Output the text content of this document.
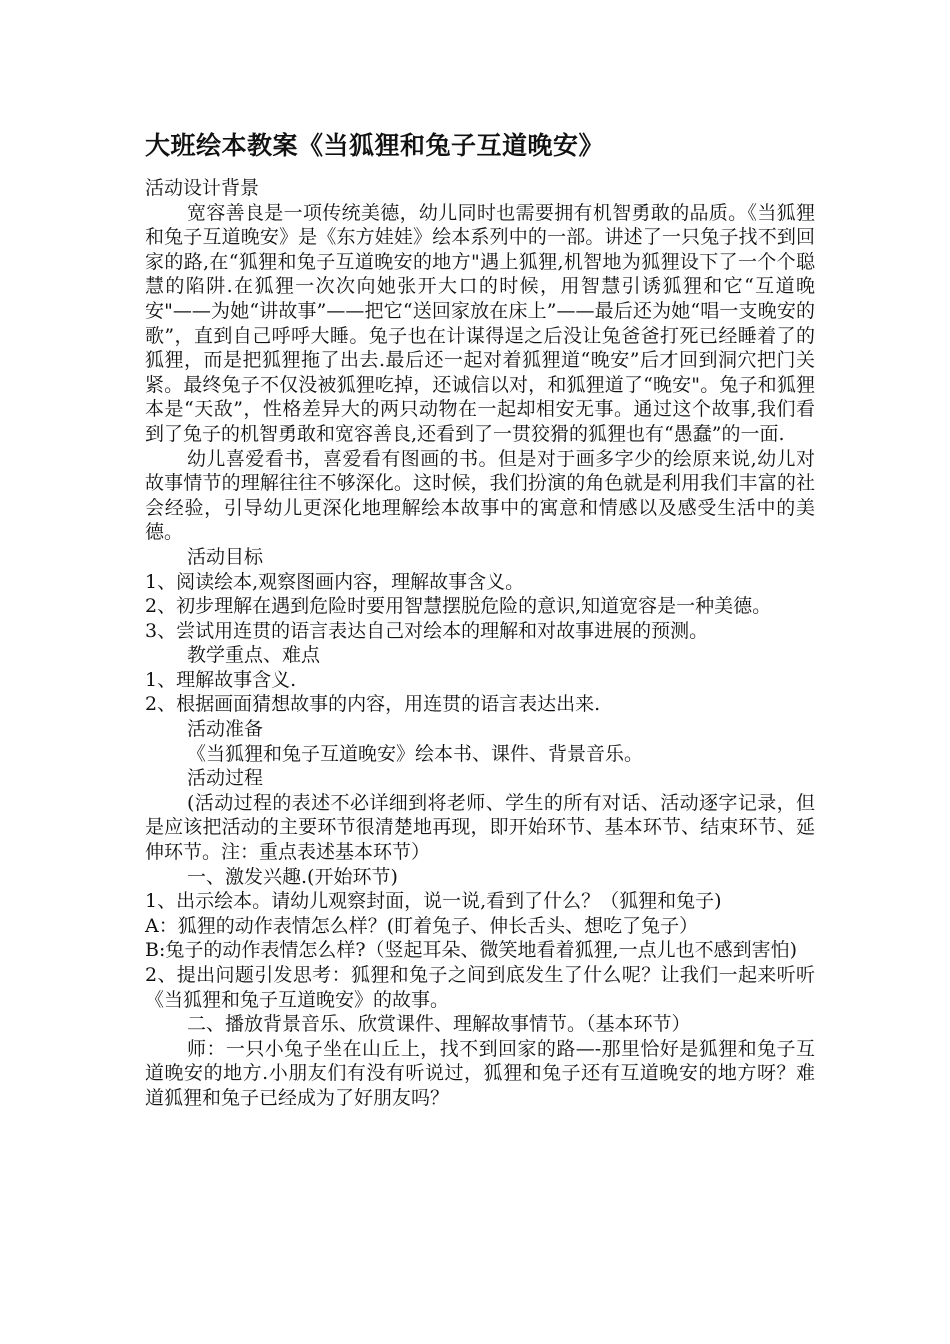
大班绘本教案《当狐狸和兔子互道晚安》

活动设计背景

宽容善良是一项传统美德，幼儿同时也需要拥有机智勇敢的品质。《当狐狸和兔子互道晚安》是《东方娃娃》绘本系列中的一部。讲述了一只兔子找不到回家的路,在“狐狸和兔子互道晚安的地方"遇上狐狸,机智地为狐狸设下了一个个聪慧的陷阱.在狐狸一次次向她张开大口的时候，用智慧引诱狐狸和它“互道晚安"——为她“讲故事”——把它“送回家放在床上”——最后还为她“唱一支晚安的歌”，直到自己呼呼大睡。兔子也在计谋得逞之后没让兔爸爸打死已经睡着了的狐狸，而是把狐狸拖了出去.最后还一起对着狐狸道“晚安”后才回到洞穴把门关紧。最终兔子不仅没被狐狸吃掉，还诚信以对，和狐狸道了“晚安"。兔子和狐狸本是“天敌”，性格差异大的两只动物在一起却相安无事。通过这个故事,我们看到了兔子的机智勇敢和宽容善良,还看到了一贯狡猾的狐狸也有“愚蠢”的一面.

幼儿喜爱看书，喜爱看有图画的书。但是对于画多字少的绘原来说,幼儿对故事情节的理解往往不够深化。这时候，我们扮演的角色就是利用我们丰富的社会经验，引导幼儿更深化地理解绘本故事中的寓意和情感以及感受生活中的美德。

活动目标

1、阅读绘本,观察图画内容，理解故事含义。

2、初步理解在遇到危险时要用智慧摆脱危险的意识,知道宽容是一种美德。

3、尝试用连贯的语言表达自己对绘本的理解和对故事进展的预测。

教学重点、难点

1、理解故事含义.

2、根据画面猜想故事的内容，用连贯的语言表达出来.

活动准备

《当狐狸和兔子互道晚安》绘本书、课件、背景音乐。

活动过程

(活动过程的表述不必详细到将老师、学生的所有对话、活动逐字记录，但是应该把活动的主要环节很清楚地再现，即开始环节、基本环节、结束环节、延伸环节。注：重点表述基本环节）

一、激发兴趣.(开始环节)

1、出示绘本。请幼儿观察封面，说一说,看到了什么？（狐狸和兔子)

A：狐狸的动作表情怎么样？(盯着兔子、伸长舌头、想吃了兔子）

B:兔子的动作表情怎么样?（竖起耳朵、微笑地看着狐狸,一点儿也不感到害怕)

2、提出问题引发思考：狐狸和兔子之间到底发生了什么呢？让我们一起来听听《当狐狸和兔子互道晚安》的故事。

二、播放背景音乐、欣赏课件、理解故事情节。（基本环节）

师：一只小兔子坐在山丘上，找不到回家的路—-那里恰好是狐狸和兔子互道晚安的地方.小朋友们有没有听说过，狐狸和兔子还有互道晚安的地方呀？难道狐狸和兔子已经成为了好朋友吗？
